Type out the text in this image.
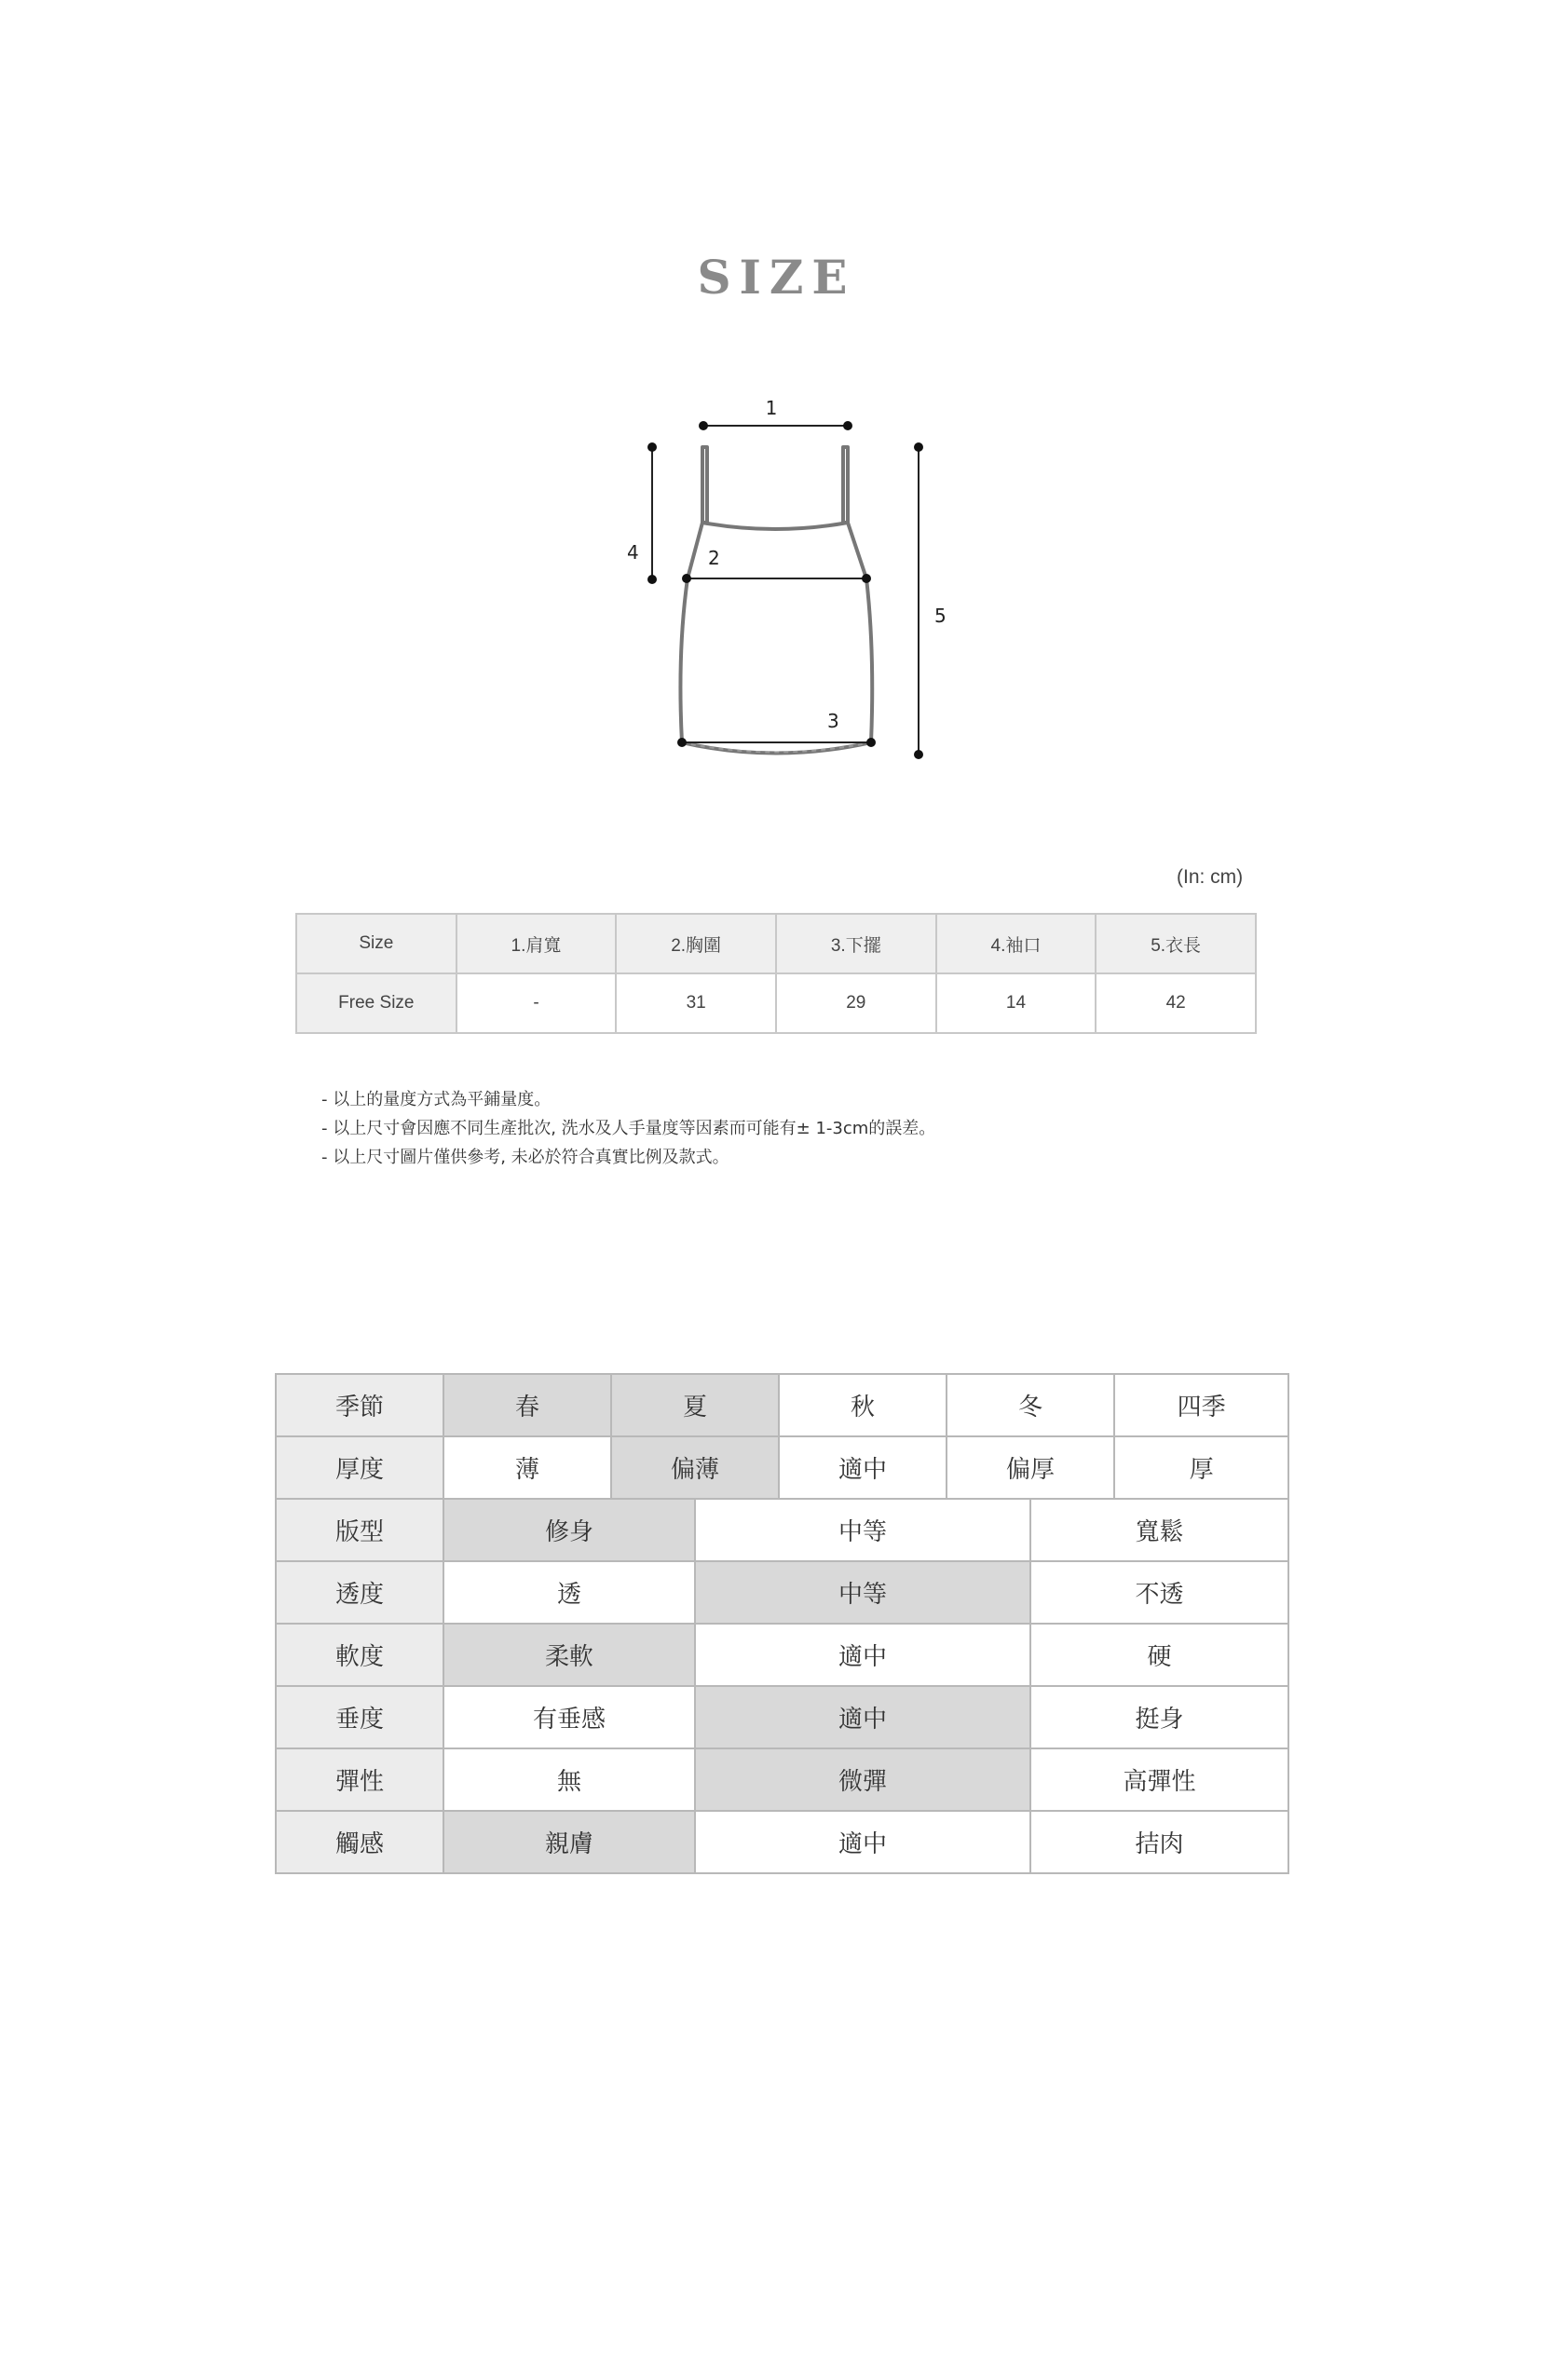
SIZE
1
2
3
4
5
(In: cm)
Size	1.肩寬	2.胸圍	3.下擺	4.袖口	5.衣長
Free Size	-	31	29	14	42
- 以上的量度方式為平鋪量度。
- 以上尺寸會因應不同生產批次, 洗水及人手量度等因素而可能有± 1-3cm的誤差。
- 以上尺寸圖片僅供參考, 未必於符合真實比例及款式。
季節	春	夏		秋	冬		四季
厚度	薄	偏薄		適中	偏厚		厚
版型	修身		中等			寬鬆	
透度	透		中等			不透	
軟度	柔軟		適中			硬	
垂度	有垂感		適中			挺身	
彈性	無		微彈			高彈性	
觸感	親膚		適中			拮肉	
